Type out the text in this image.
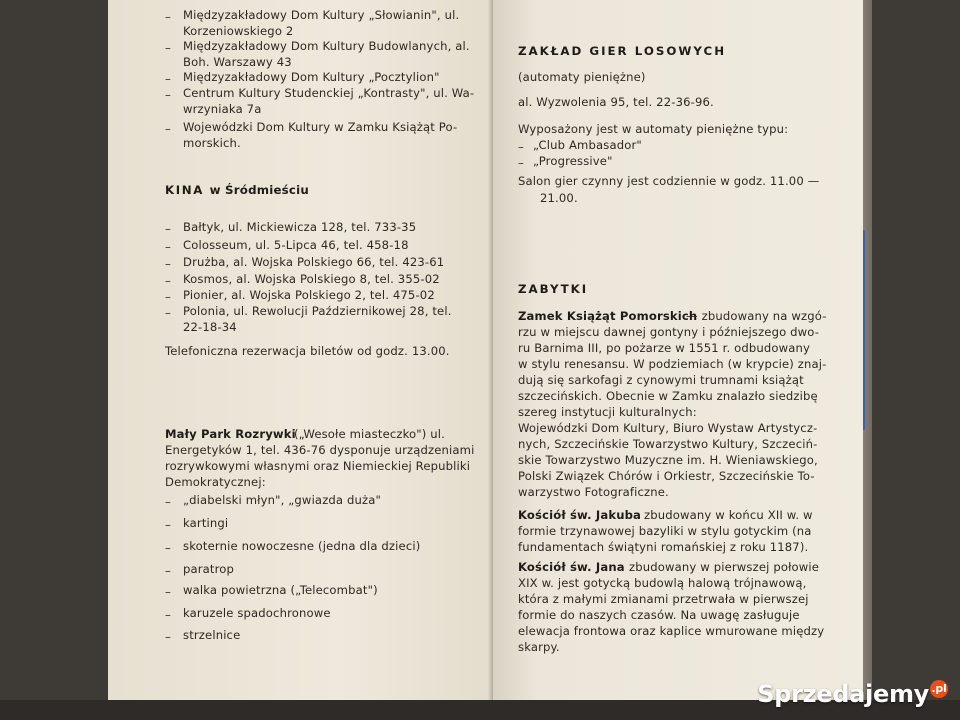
– Międzyzakładowy Dom Kultury „Słowianin", ul.
Korzeniowskiego 2
– Międzyzakładowy Dom Kultury Budowlanych, al.
Boh. Warszawy 43
– Międzyzakładowy Dom Kultury „Pocztylion"
– Centrum Kultury Studenckiej „Kontrasty", ul. Wa-
wrzyniaka 7a
– Wojewódzki Dom Kultury w Zamku Książąt Po-
morskich.
KINA w Śródmieściu
– Bałtyk, ul. Mickiewicza 128, tel. 733-35
– Colosseum, ul. 5-Lipca 46, tel. 458-18
– Drużba, al. Wojska Polskiego 66, tel. 423-61
– Kosmos, al. Wojska Polskiego 8, tel. 355-02
– Pionier, al. Wojska Polskiego 2, tel. 475-02
– Polonia, ul. Rewolucji Październikowej 28, tel.
22-18-34
Telefoniczna rezerwacja biletów od godz. 13.00.
Mały Park Rozrywki
(„Wesołe miasteczko") ul.
Energetyków 1, tel. 436-76 dysponuje urządzeniami
rozrywkowymi własnymi oraz Niemieckiej Republiki
Demokratycznej:
– „diabelski młyn", „gwiazda duża"
– kartingi
– skoternie nowoczesne (jedna dla dzieci)
– paratrop
– walka powietrzna („Telecombat")
– karuzele spadochronowe
– strzelnice
ZAKŁAD GIER LOSOWYCH
(automaty pieniężne)
al. Wyzwolenia 95, tel. 22-36-96.
Wyposażony jest w automaty pieniężne typu:
– „Club Ambasador"
– „Progressive"
Salon gier czynny jest codziennie w godz. 11.00 —
21.00.
ZABYTKI
Zamek Książąt Pomorskich
— zbudowany na wzgó-
rzu w miejscu dawnej gontyny i późniejszego dwo-
ru Barnima III, po pożarze w 1551 r. odbudowany
w stylu renesansu. W podziemiach (w krypcie) znaj-
dują się sarkofagi z cynowymi trumnami książąt
szczecińskich. Obecnie w Zamku znalazło siedzibę
szereg instytucji kulturalnych:
Wojewódzki Dom Kultury, Biuro Wystaw Artystycz-
nych, Szczecińskie Towarzystwo Kultury, Szczeciń-
skie Towarzystwo Muzyczne im. H. Wieniawskiego,
Polski Związek Chórów i Orkiestr, Szczecińskie To-
warzystwo Fotograficzne.
Kościół św. Jakuba zbudowany w końcu XII w. w
formie trzynawowej bazyliki w stylu gotyckim (na
fundamentach świątyni romańskiej z roku 1187).
Kościół św. Jana zbudowany w pierwszej połowie
XIX w. jest gotycką budowlą halową trójnawową,
która z małymi zmianami przetrwała w pierwszej
formie do naszych czasów. Na uwagę zasługuje
elewacja frontowa oraz kaplice wmurowane między
skarpy.
Sprzedajemy .pl
